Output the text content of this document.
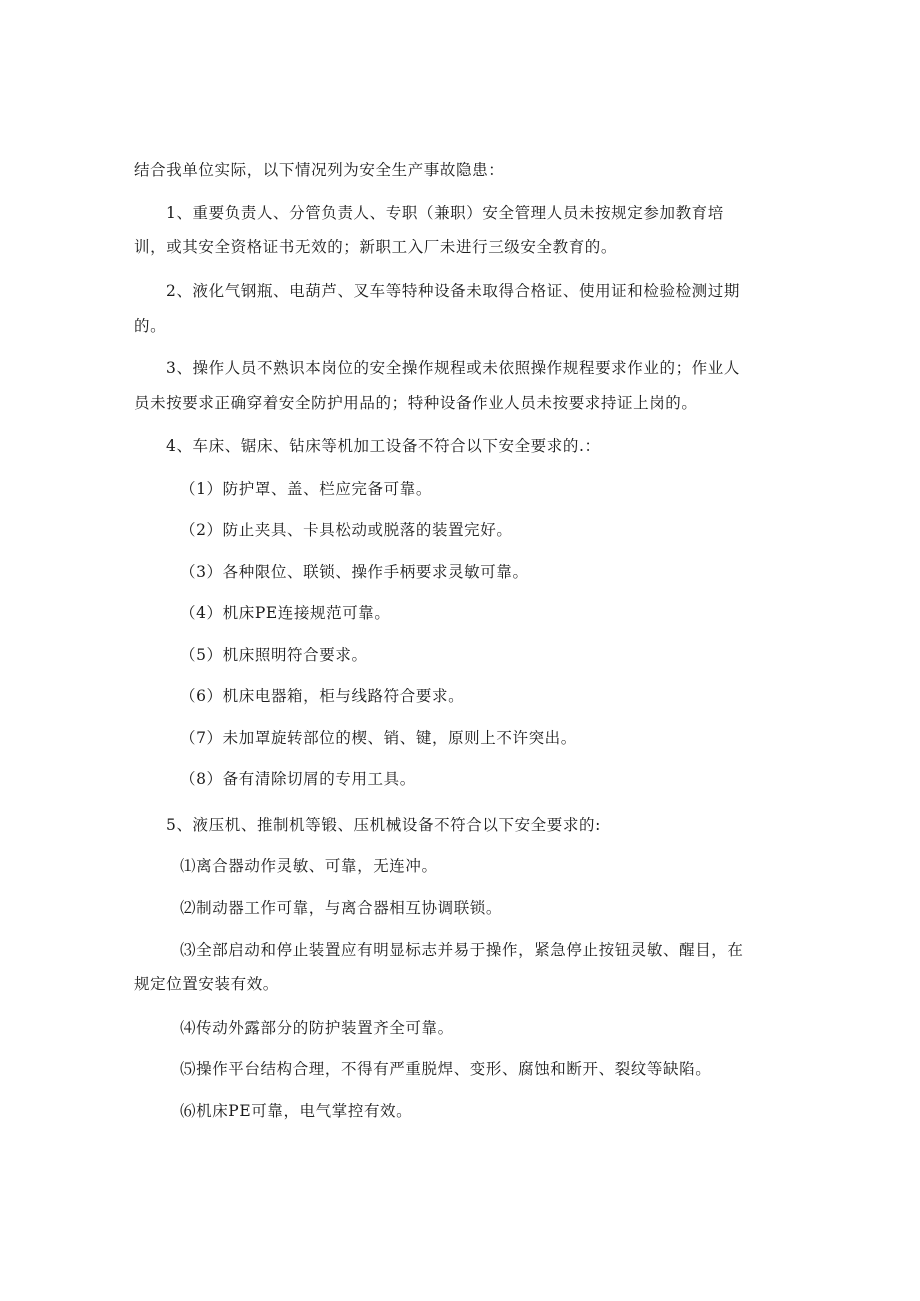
结合我单位实际，以下情况列为安全生产事故隐患：
1、重要负责人、分管负责人、专职（兼职）安全管理人员未按规定参加教育培
训，或其安全资格证书无效的；新职工入厂未进行三级安全教育的。
2、液化气钢瓶、电葫芦、叉车等特种设备未取得合格证、使用证和检验检测过期
的。
3、操作人员不熟识本岗位的安全操作规程或未依照操作规程要求作业的；作业人
员未按要求正确穿着安全防护用品的；特种设备作业人员未按要求持证上岗的。
4、车床、锯床、钻床等机加工设备不符合以下安全要求的.：
（1）防护罩、盖、栏应完备可靠。
（2）防止夹具、卡具松动或脱落的装置完好。
（3）各种限位、联锁、操作手柄要求灵敏可靠。
（4）机床PE连接规范可靠。
（5）机床照明符合要求。
（6）机床电器箱，柜与线路符合要求。
（7）未加罩旋转部位的楔、销、键，原则上不许突出。
（8）备有清除切屑的专用工具。
5、液压机、推制机等锻、压机械设备不符合以下安全要求的:
⑴离合器动作灵敏、可靠，无连冲。
⑵制动器工作可靠，与离合器相互协调联锁。
⑶全部启动和停止装置应有明显标志并易于操作，紧急停止按钮灵敏、醒目，在
规定位置安装有效。
⑷传动外露部分的防护装置齐全可靠。
⑸操作平台结构合理，不得有严重脱焊、变形、腐蚀和断开、裂纹等缺陷。
⑹机床PE可靠，电气掌控有效。
